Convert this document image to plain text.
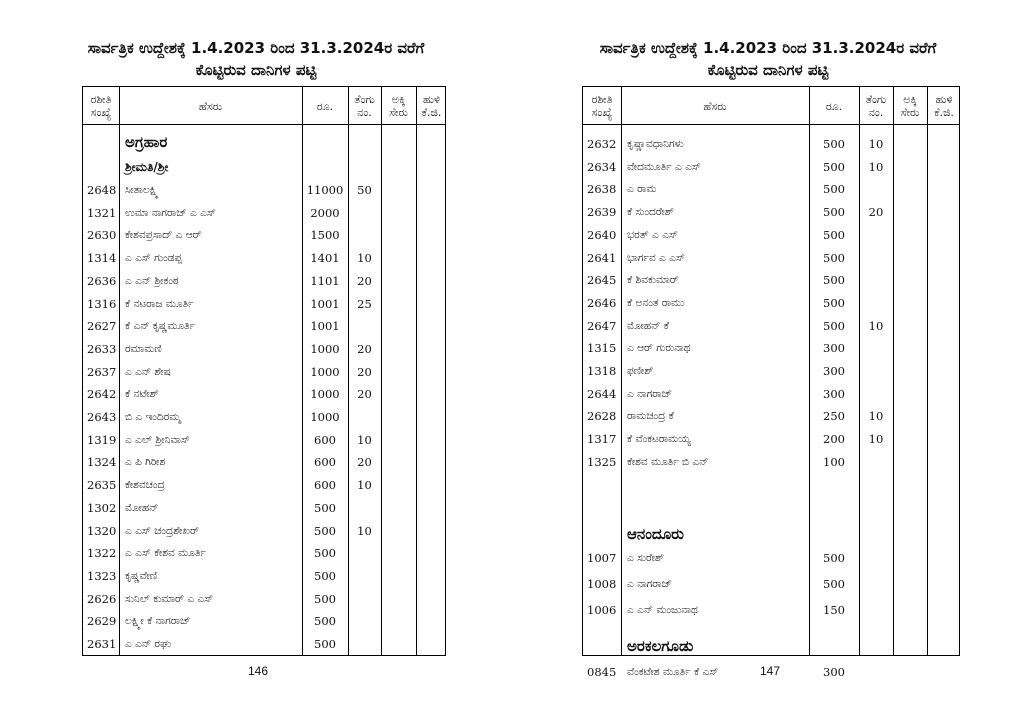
ಸಾರ್ವತ್ರಿಕ ಉದ್ದೇಶಕ್ಕೆ 1.4.2023 ರಿಂದ 31.3.2024ರ ವರೆಗೆ
ಕೊಟ್ಟಿರುವ ದಾನಿಗಳ ಪಟ್ಟಿ
ರಶೀತಿ
ಸಂಖ್ಯೆ	ಹೆಸರು	ರೂ.	ತೆಂಗು
ನಂ.
ಅಕ್ಕಿ
ಸೇರು
ಹುಳಿ
ಕೆ.ಜಿ.
ಅಗ್ರಹಾರ
ಶ್ರೀಮತಿ/ಶ್ರೀ
2648 ಸೀತಾಲಕ್ಷ್ಮಿ	11000	50
1321 ಉಮಾ ನಾಗರಾಜ್ ಎ ಎಸ್	2000
2630 ಕೇಶವಪ್ರಸಾದ್ ಎ ಆರ್	1500
1314 ಎ ಎಸ್ ಗುಂಡಪ್ಪ	1401	10
2636 ಎ ಎನ್ ಶ್ರೀಕಂಠ	1101	20
1316 ಕೆ ನಟರಾಜ ಮೂರ್ತಿ	1001	25
2627 ಕೆ ಎನ್ ಕೃಷ್ಣಮೂರ್ತಿ	1001
2633 ರಮಾಮಣಿ	1000	20
2637 ಎ ಎನ್ ಶೇಷ	1000	20
2642 ಕೆ ನಟೇಶ್	1000	20
2643 ಬಿ ಎ ಇಂದಿರಮ್ಮ	1000
1319 ಎ ಎಲ್ ಶ್ರೀನಿವಾಸ್	600	10
1324 ಎ ಪಿ ಗಿರೀಶ	600	20
2635 ಕೇಶವಚಂದ್ರ	600	10
1302 ಮೋಹನ್	500
1320 ಎ ಎಸ್ ಚಂದ್ರಶೇಖರ್	500	10
1322 ಎ ಎಸ್ ಕೇಶವ ಮೂರ್ತಿ	500
1323 ಕೃಷ್ಣವೇಣಿ	500
2626 ಸುನಿಲ್ ಕುಮಾರ್ ಎ ಎಸ್	500
2629 ಲಕ್ಷ್ಮೀ ಕೆ ನಾಗರಾಜ್	500
2631 ಎ ಎನ್ ರಘು	500
146
ಸಾರ್ವತ್ರಿಕ ಉದ್ದೇಶಕ್ಕೆ 1.4.2023 ರಿಂದ 31.3.2024ರ ವರೆಗೆ
ಕೊಟ್ಟಿರುವ ದಾನಿಗಳ ಪಟ್ಟಿ
ರಶೀತಿ
ಸಂಖ್ಯೆ	ಹೆಸರು	ರೂ.	ತೆಂಗು
ನಂ.
ಅಕ್ಕಿ
ಸೇರು
ಹುಳಿ
ಕೆ.ಜಿ.
ಆನಂದೂರು
ಅರಕಲಗೂಡು
2632	ಕೃಷ್ಣಾವಧಾನಿಗಳು	500	10
2634	ವೇದಮೂರ್ತಿ ಎ ಎಸ್	500	10
2638	ಎ ರಾಮ	500
2639	ಕೆ ಸುಂದರೇಶ್	500	20
2640	ಭರತ್ ಎ ಎಸ್	500
2641	ಭಾರ್ಗವ ಎ ಎಸ್	500
2645	ಕೆ ಶಿವಕುಮಾರ್	500
2646	ಕೆ ಅನಂತ ರಾಮು	500
2647	ಮೋಹನ್ ಕೆ	500	10
1315	ಎ ಆರ್ ಗುರುನಾಥ	300
1318	ಫಣೀಶ್	300
2644	ಎ ನಾಗರಾಜ್	300
2628	ರಾಮಚಂದ್ರ ಕೆ	250	10
1317	ಕೆ ವೆಂಕಟರಾಮಯ್ಯ	200	10
1325	ಕೇಶವ ಮೂರ್ತಿ ಬಿ ಎನ್	100
1007	ಎ ಸುರೇಶ್	500
1008	ಎ ನಾಗರಾಜ್	500
1006	ಎ ಎನ್ ಮಂಜುನಾಥ	150
0845	ವೆಂಕಟೇಶ ಮೂರ್ತಿ ಕೆ ಎಸ್	300
147
